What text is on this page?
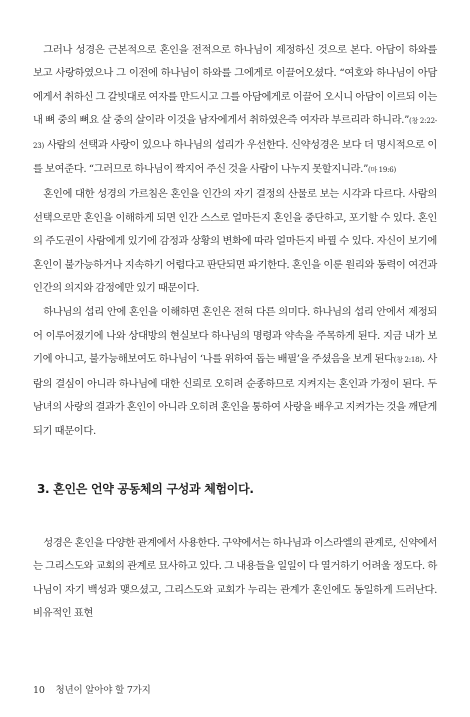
그러나 성경은 근본적으로 혼인을 전적으로 하나님이 제정하신 것으로 본다. 아담이 하와를 보고 사랑하였으나 그 이전에 하나님이 하와를 그에게로 이끌어오셨다. “여호와 하나님이 아담에게서 취하신 그 갈빗대로 여자를 만드시고 그를 아담에게로 이끌어 오시니 아담이 이르되 이는 내 뼈 중의 뼈요 살 중의 살이라 이것을 남자에게서 취하였은즉 여자라 부르리라 하니라.”(창 2:22-23) 사람의 선택과 사랑이 있으나 하나님의 섭리가 우선한다. 신약성경은 보다 더 명시적으로 이를 보여준다. “그러므로 하나님이 짝지어 주신 것을 사람이 나누지 못할지니라.”(마 19:6)

혼인에 대한 성경의 가르침은 혼인을 인간의 자기 결정의 산물로 보는 시각과 다르다. 사람의 선택으로만 혼인을 이해하게 되면 인간 스스로 얼마든지 혼인을 중단하고, 포기할 수 있다. 혼인의 주도권이 사람에게 있기에 감정과 상황의 변화에 따라 얼마든지 바뀔 수 있다. 자신이 보기에 혼인이 불가능하거나 지속하기 어렵다고 판단되면 파기한다. 혼인을 이룬 원리와 동력이 여건과 인간의 의지와 감정에만 있기 때문이다.

하나님의 섭리 안에 혼인을 이해하면 혼인은 전혀 다른 의미다. 하나님의 섭리 안에서 제정되어 이루어졌기에 나와 상대방의 현실보다 하나님의 명령과 약속을 주목하게 된다. 지금 내가 보기에 아니고, 불가능해보여도 하나님이 ‘나를 위하여 돕는 배필’을 주셨음을 보게 된다(창 2:18). 사람의 결심이 아니라 하나님에 대한 신뢰로 오히려 순종하므로 지켜지는 혼인과 가정이 된다. 두 남녀의 사랑의 결과가 혼인이 아니라 오히려 혼인을 통하여 사랑을 배우고 지켜가는 것을 깨닫게 되기 때문이다.

3. 혼인은 언약 공동체의 구성과 체험이다.

성경은 혼인을 다양한 관계에서 사용한다. 구약에서는 하나님과 이스라엘의 관계로, 신약에서는 그리스도와 교회의 관계로 묘사하고 있다. 그 내용들을 일일이 다 열거하기 어려울 정도다. 하나님이 자기 백성과 맺으셨고, 그리스도와 교회가 누리는 관계가 혼인에도 동일하게 드러난다. 비유적인 표현

10 청년이 알아야 할 7가지
